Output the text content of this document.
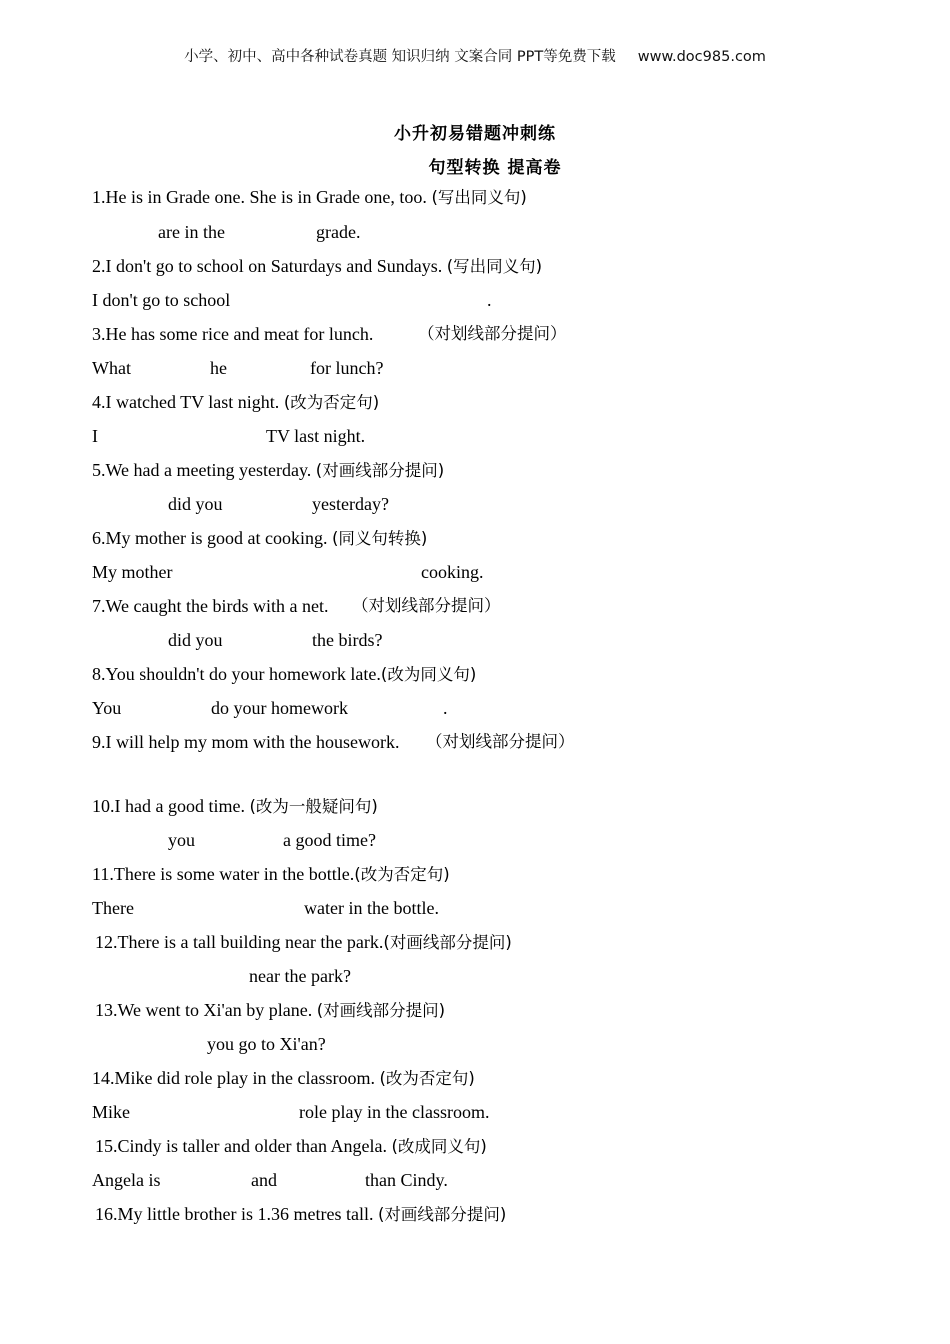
小学、初中、高中各种试卷真题 知识归纳 文案合同 PPT等免费下载 www.doc985.com
小升初易错题冲刺练
句型转换 提高卷
1.He is in Grade one. She is in Grade one, too. (写出同义句)
are in the	grade.
2.I don't go to school on Saturdays and Sundays. (写出同义句)
I don't go to school	.
3.He has some rice and meat for lunch.	（对划线部分提问）
What	he	for lunch?
4.I watched TV last night. (改为否定句)
I	TV last night.
5.We had a meeting yesterday. (对画线部分提问)
did you	yesterday?
6.My mother is good at cooking. (同义句转换)
My mother	cooking.
7.We caught the birds with a net. （对划线部分提问）
did you	the birds?
8.You shouldn't do your homework late.(改为同义句)
You	do your homework	.
9.I will help my mom with the housework. （对划线部分提问）
10.I had a good time. (改为一般疑问句)
you	a good time?
11.There is some water in the bottle.(改为否定句)
There	water in the bottle.
12.There is a tall building near the park.(对画线部分提问)
near the park?
13.We went to Xi'an by plane. (对画线部分提问)
you go to Xi'an?
14.Mike did role play in the classroom. (改为否定句)
Mike	role play in the classroom.
15.Cindy is taller and older than Angela. (改成同义句)
Angela is	and	than Cindy.
16.My little brother is 1.36 metres tall. (对画线部分提问)
